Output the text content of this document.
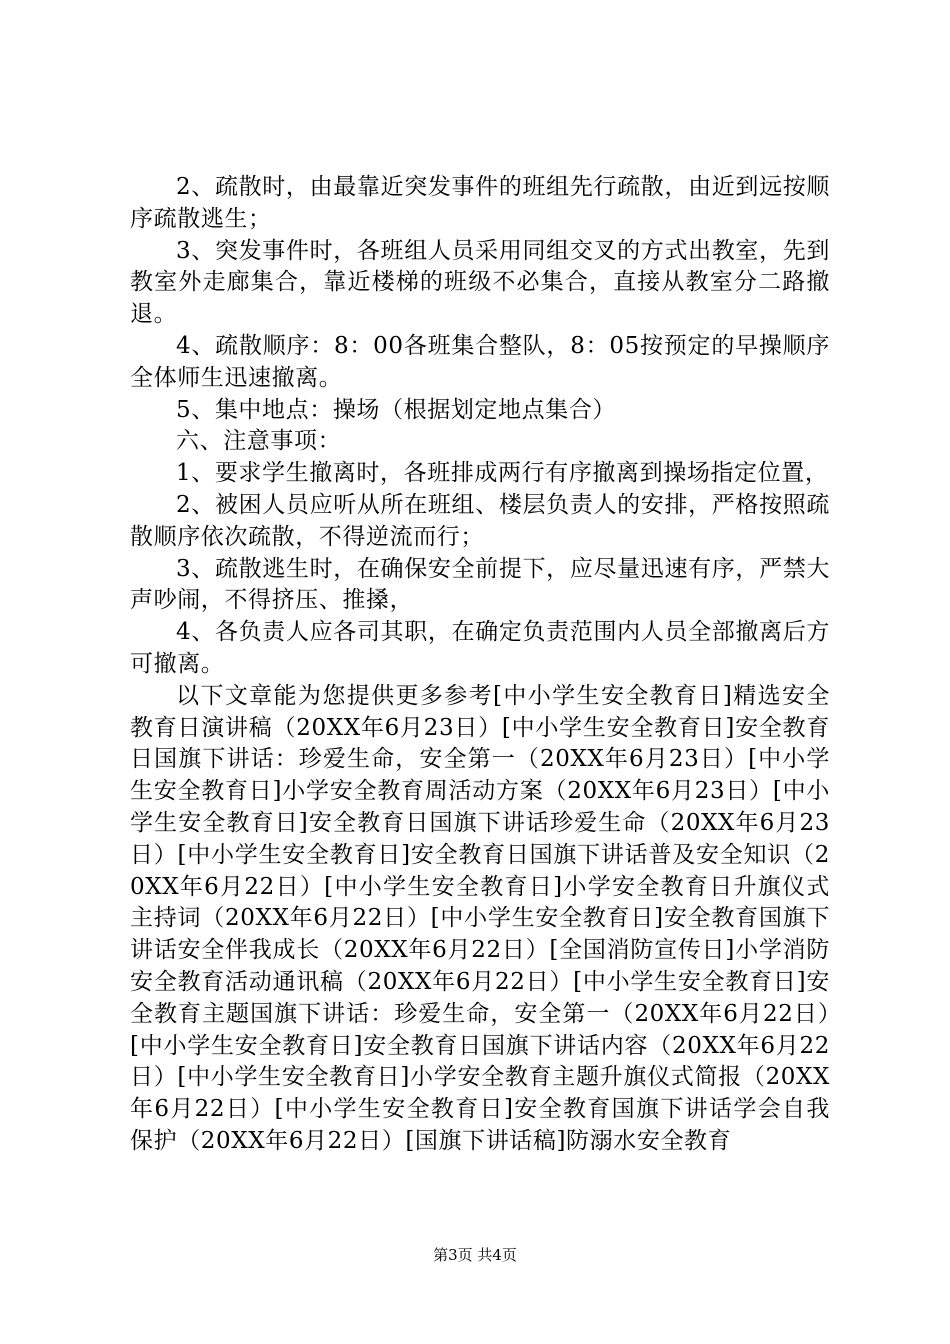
2、疏散时，由最靠近突发事件的班组先行疏散，由近到远按顺序疏散逃生；

3、突发事件时，各班组人员采用同组交叉的方式出教室，先到教室外走廊集合，靠近楼梯的班级不必集合，直接从教室分二路撤退。

4、疏散顺序：8：00各班集合整队，8：05按预定的早操顺序全体师生迅速撤离。

5、集中地点：操场（根据划定地点集合）

六、注意事项：

1、要求学生撤离时，各班排成两行有序撤离到操场指定位置，

2、被困人员应听从所在班组、楼层负责人的安排，严格按照疏散顺序依次疏散，不得逆流而行；

3、疏散逃生时，在确保安全前提下，应尽量迅速有序，严禁大声吵闹，不得挤压、推搡，

4、各负责人应各司其职，在确定负责范围内人员全部撤离后方可撤离。

以下文章能为您提供更多参考[中小学生安全教育日]精选安全教育日演讲稿（20XX年6月23日）[中小学生安全教育日]安全教育日国旗下讲话：珍爱生命，安全第一（20XX年6月23日）[中小学生安全教育日]小学安全教育周活动方案（20XX年6月23日）[中小学生安全教育日]安全教育日国旗下讲话珍爱生命（20XX年6月23日）[中小学生安全教育日]安全教育日国旗下讲话普及安全知识（20XX年6月22日）[中小学生安全教育日]小学安全教育日升旗仪式主持词（20XX年6月22日）[中小学生安全教育日]安全教育国旗下讲话安全伴我成长（20XX年6月22日）[全国消防宣传日]小学消防安全教育活动通讯稿（20XX年6月22日）[中小学生安全教育日]安全教育主题国旗下讲话：珍爱生命，安全第一（20XX年6月22日）[中小学生安全教育日]安全教育日国旗下讲话内容（20XX年6月22日）[中小学生安全教育日]小学安全教育主题升旗仪式简报（20XX年6月22日）[中小学生安全教育日]安全教育国旗下讲话学会自我保护（20XX年6月22日）[国旗下讲话稿]防溺水安全教育

第3页 共4页
